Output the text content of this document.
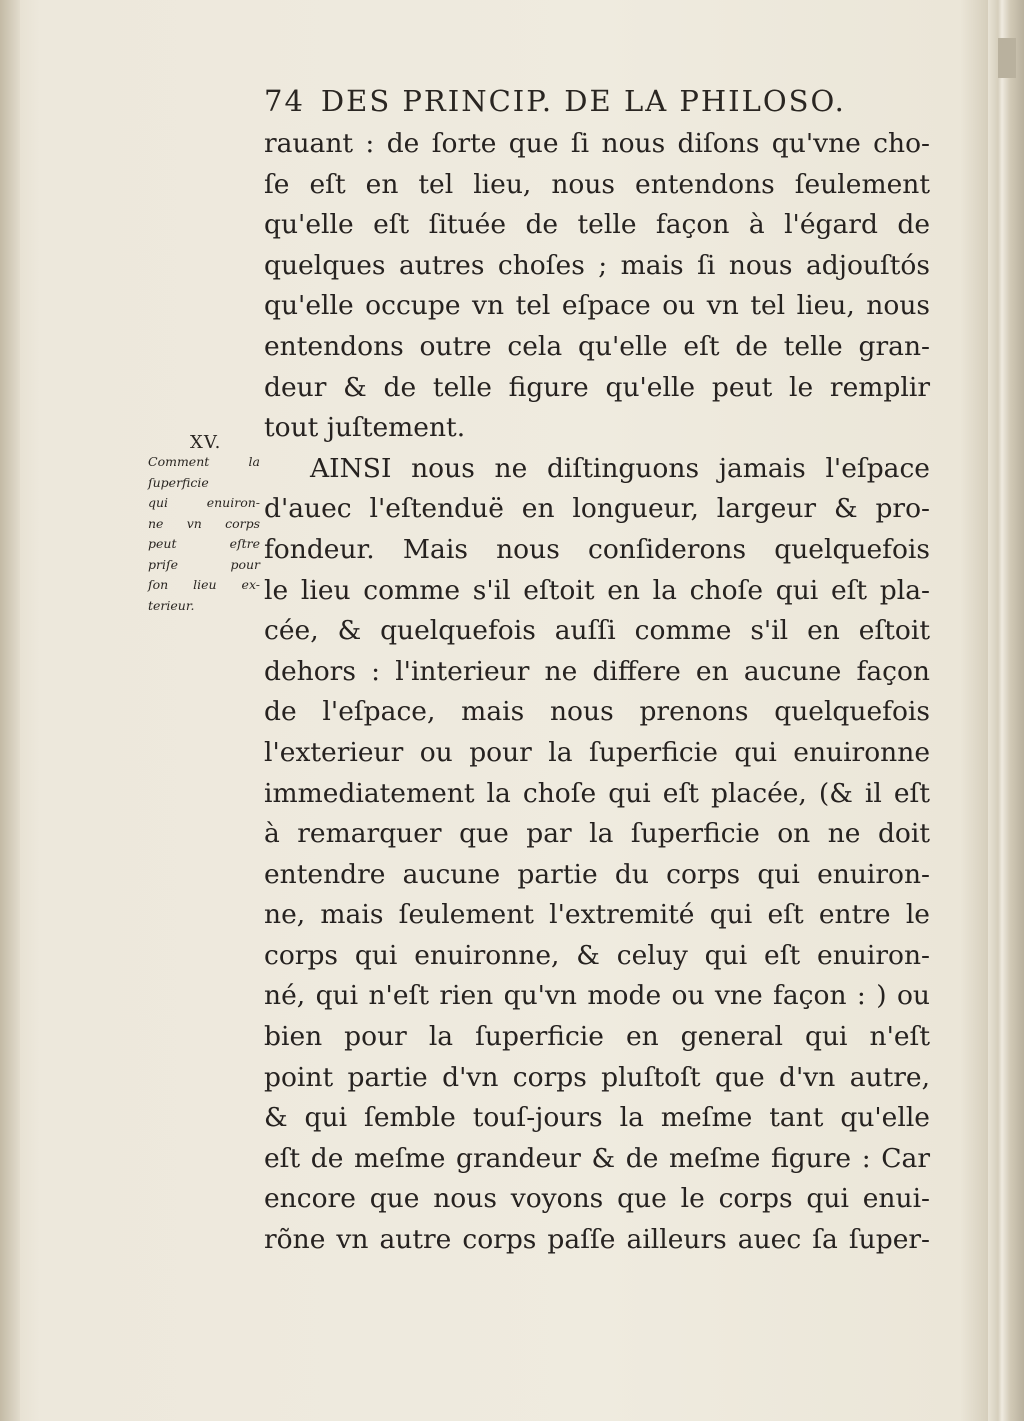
74 DES PRINCIP. DE LA PHILOSO.
XV.
Comment la
ſuperficie
qui enuiron-
ne vn corps
peut eſtre
priſe pour
ſon lieu ex-
terieur.
rauant : de ſorte que ſi nous diſons qu'vne cho-
ſe eſt en tel lieu, nous entendons ſeulement
qu'elle eſt ſituée de telle façon à l'égard de
quelques autres choſes ; mais ſi nous adjouſtós
qu'elle occupe vn tel eſpace ou vn tel lieu, nous
entendons outre cela qu'elle eſt de telle gran-
deur & de telle figure qu'elle peut le remplir
tout juſtement.
AINSI nous ne diſtinguons jamais l'eſpace
d'auec l'eſtenduë en longueur, largeur & pro-
fondeur. Mais nous conſiderons quelquefois
le lieu comme s'il eſtoit en la choſe qui eſt pla-
cée, & quelquefois auſſi comme s'il en eſtoit
dehors : l'interieur ne differe en aucune façon
de l'eſpace, mais nous prenons quelquefois
l'exterieur ou pour la ſuperficie qui enuironne
immediatement la choſe qui eſt placée, (& il eſt
à remarquer que par la ſuperficie on ne doit
entendre aucune partie du corps qui enuiron-
ne, mais ſeulement l'extremité qui eſt entre le
corps qui enuironne, & celuy qui eſt enuiron-
né, qui n'eſt rien qu'vn mode ou vne façon : ) ou
bien pour la ſuperficie en general qui n'eſt
point partie d'vn corps pluſtoſt que d'vn autre,
& qui ſemble touſ-jours la meſme tant qu'elle
eſt de meſme grandeur & de meſme figure : Car
encore que nous voyons que le corps qui enui-
rõne vn autre corps paſſe ailleurs auec ſa ſuper-
